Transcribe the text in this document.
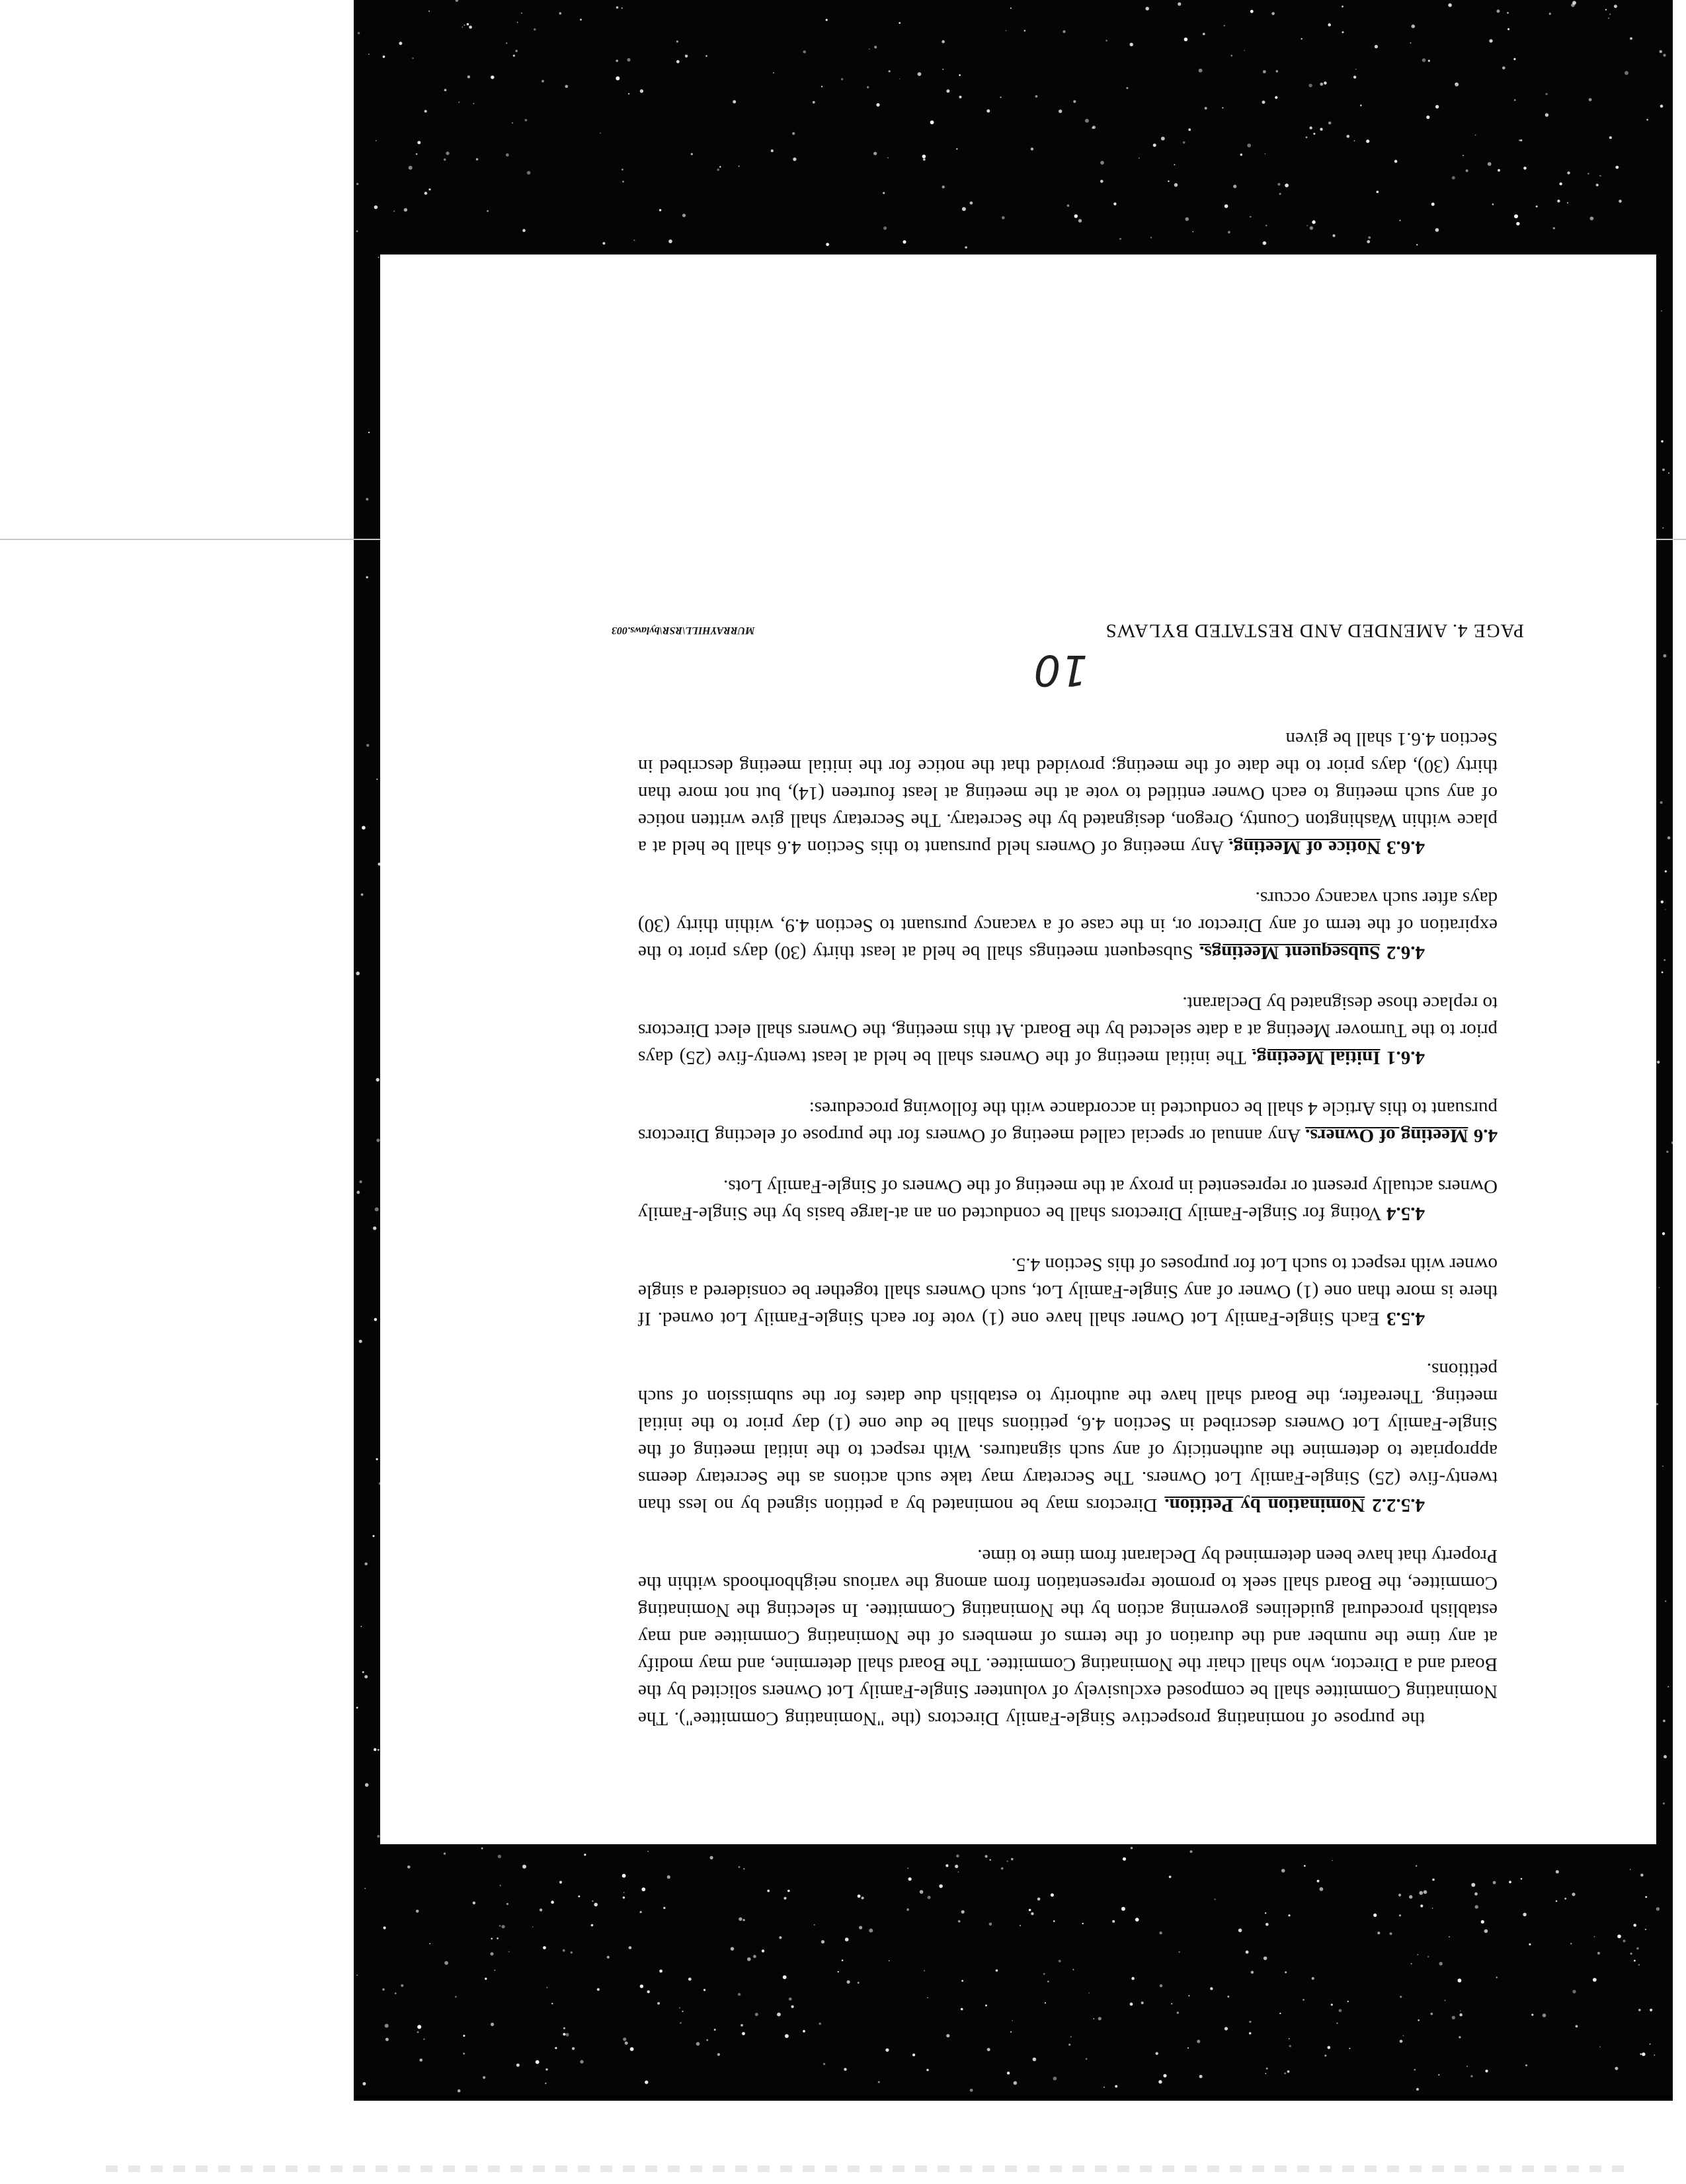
the purpose of nominating prospective Single-Family Directors (the "Nominating Committee"). The Nominating Committee shall be composed exclusively of volunteer Single-Family Lot Owners solicited by the Board and a Director, who shall chair the Nominating Committee. The Board shall determine, and may modify at any time the number and the duration of the terms of members of the Nominating Committee and may establish procedural guidelines governing action by the Nominating Committee. In selecting the Nominating Committee, the Board shall seek to promote representation from among the various neighborhoods within the Property that have been determined by Declarant from time to time.
4.5.2.2 Nomination by Petition. Directors may be nominated by a petition signed by no less than twenty-five (25) Single-Family Lot Owners. The Secretary may take such actions as the Secretary deems appropriate to determine the authenticity of any such signatures. With respect to the initial meeting of the Single-Family Lot Owners described in Section 4.6, petitions shall be due one (1) day prior to the initial meeting. Thereafter, the Board shall have the authority to establish due dates for the submission of such petitions.
4.5.3 Each Single-Family Lot Owner shall have one (1) vote for each Single-Family Lot owned. If there is more than one (1) Owner of any Single-Family Lot, such Owners shall together be considered a single owner with respect to such Lot for purposes of this Section 4.5.
4.5.4 Voting for Single-Family Directors shall be conducted on an at-large basis by the Single-Family Owners actually present or represented in proxy at the meeting of the Owners of Single-Family Lots.
4.6 Meeting of Owners. Any annual or special called meeting of Owners for the purpose of electing Directors pursuant to this Article 4 shall be conducted in accordance with the following procedures:
4.6.1 Initial Meeting. The initial meeting of the Owners shall be held at least twenty-five (25) days prior to the Turnover Meeting at a date selected by the Board. At this meeting, the Owners shall elect Directors to replace those designated by Declarant.
4.6.2 Subsequent Meetings. Subsequent meetings shall be held at least thirty (30) days prior to the expiration of the term of any Director or, in the case of a vacancy pursuant to Section 4.9, within thirty (30) days after such vacancy occurs.
4.6.3 Notice of Meeting. Any meeting of Owners held pursuant to this Section 4.6 shall be held at a place within Washington County, Oregon, designated by the Secretary. The Secretary shall give written notice of any such meeting to each Owner entitled to vote at the meeting at least fourteen (14), but not more than thirty (30), days prior to the date of the meeting; provided that the notice for the initial meeting described in Section 4.6.1 shall be given
PAGE 4. AMENDED AND RESTATED BYLAWS
MURRAYHILL\RSR\bylaws.003
10
